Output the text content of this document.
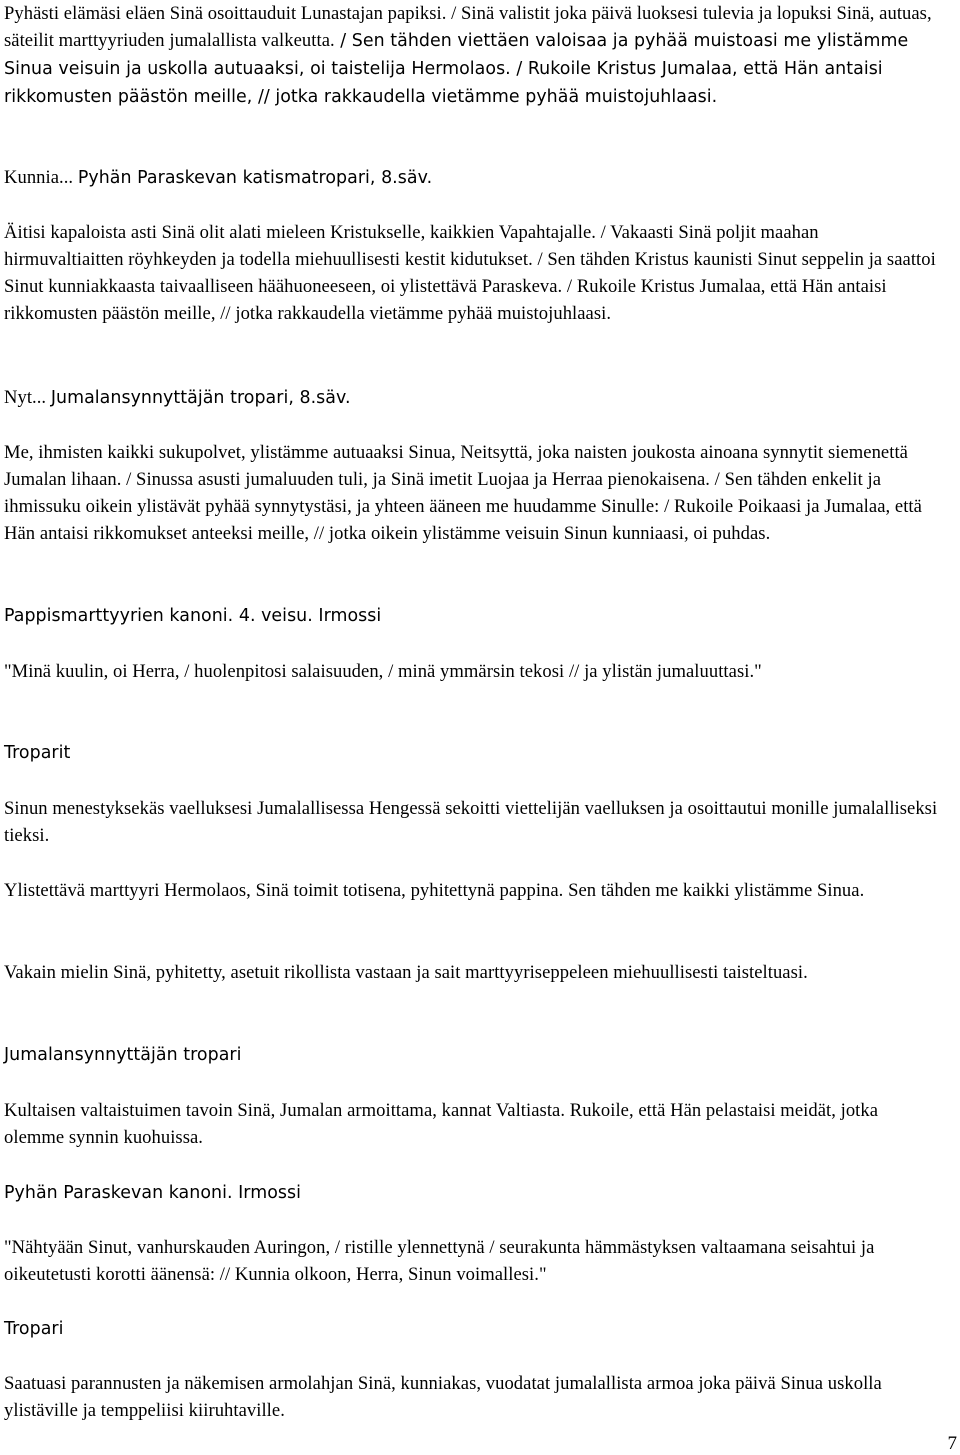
Pyhästi elämäsi eläen Sinä osoittauduit Lunastajan papiksi. / Sinä valistit joka päivä luoksesi tulevia ja lopuksi Sinä, autuas, säteilit marttyyriuden jumalallista valkeutta. / Sen tähden viettäen valoisaa ja pyhää muistoasi me ylistämme Sinua veisuin ja uskolla autuaaksi, oi taistelija Hermolaos. / Rukoile Kristus Jumalaa, että Hän antaisi rikkomusten päästön meille, // jotka rakkaudella vietämme pyhää muistojuhlaasi.

Kunnia... Pyhän Paraskevan katismatropari, 8.säv.

Äitisi kapaloista asti Sinä olit alati mieleen Kristukselle, kaikkien Vapahtajalle. / Vakaasti Sinä poljit maahan hirmuvaltiaitten röyhkeyden ja todella miehuullisesti kestit kidutukset. / Sen tähden Kristus kaunisti Sinut seppelin ja saattoi Sinut kunniakkaasta taivaalliseen häähuoneeseen, oi ylistettävä Paraskeva. / Rukoile Kristus Jumalaa, että Hän antaisi rikkomusten päästön meille, // jotka rakkaudella vietämme pyhää muistojuhlaasi.

Nyt... Jumalansynnyttäjän tropari, 8.säv.

Me, ihmisten kaikki sukupolvet, ylistämme autuaaksi Sinua, Neitsyttä, joka naisten joukosta ainoana synnytit siemenettä Jumalan lihaan. / Sinussa asusti jumaluuden tuli, ja Sinä imetit Luojaa ja Herraa pienokaisena. / Sen tähden enkelit ja ihmissuku oikein ylistävät pyhää synnytystäsi, ja yhteen ääneen me huudamme Sinulle: / Rukoile Poikaasi ja Jumalaa, että Hän antaisi rikkomukset anteeksi meille, // jotka oikein ylistämme veisuin Sinun kunniaasi, oi puhdas.

Pappismarttyyrien kanoni. 4. veisu. Irmossi

"Minä kuulin, oi Herra, / huolenpitosi salaisuuden, / minä ymmärsin tekosi // ja ylistän jumaluuttasi."

Troparit

Sinun menestyksekäs vaelluksesi Jumalallisessa Hengessä sekoitti viettelijän vaelluksen ja osoittautui monille jumalalliseksi tieksi.

Ylistettävä marttyyri Hermolaos, Sinä toimit totisena, pyhitettynä pappina. Sen tähden me kaikki ylistämme Sinua.

Vakain mielin Sinä, pyhitetty, asetuit rikollista vastaan ja sait marttyyriseppeleen miehuullisesti taisteltuasi.

Jumalansynnyttäjän tropari

Kultaisen valtaistuimen tavoin Sinä, Jumalan armoittama, kannat Valtiasta. Rukoile, että Hän pelastaisi meidät, jotka olemme synnin kuohuissa.

Pyhän Paraskevan kanoni. Irmossi

"Nähtyään Sinut, vanhurskauden Auringon, / ristille ylennettynä / seurakunta hämmästyksen valtaamana seisahtui ja oikeutetusti korotti äänensä: // Kunnia olkoon, Herra, Sinun voimallesi."

Tropari

Saatuasi parannusten ja näkemisen armolahjan Sinä, kunniakas, vuodatat jumalallista armoa joka päivä Sinua uskolla ylistäville ja temppeliisi kiiruhtaville.

7
